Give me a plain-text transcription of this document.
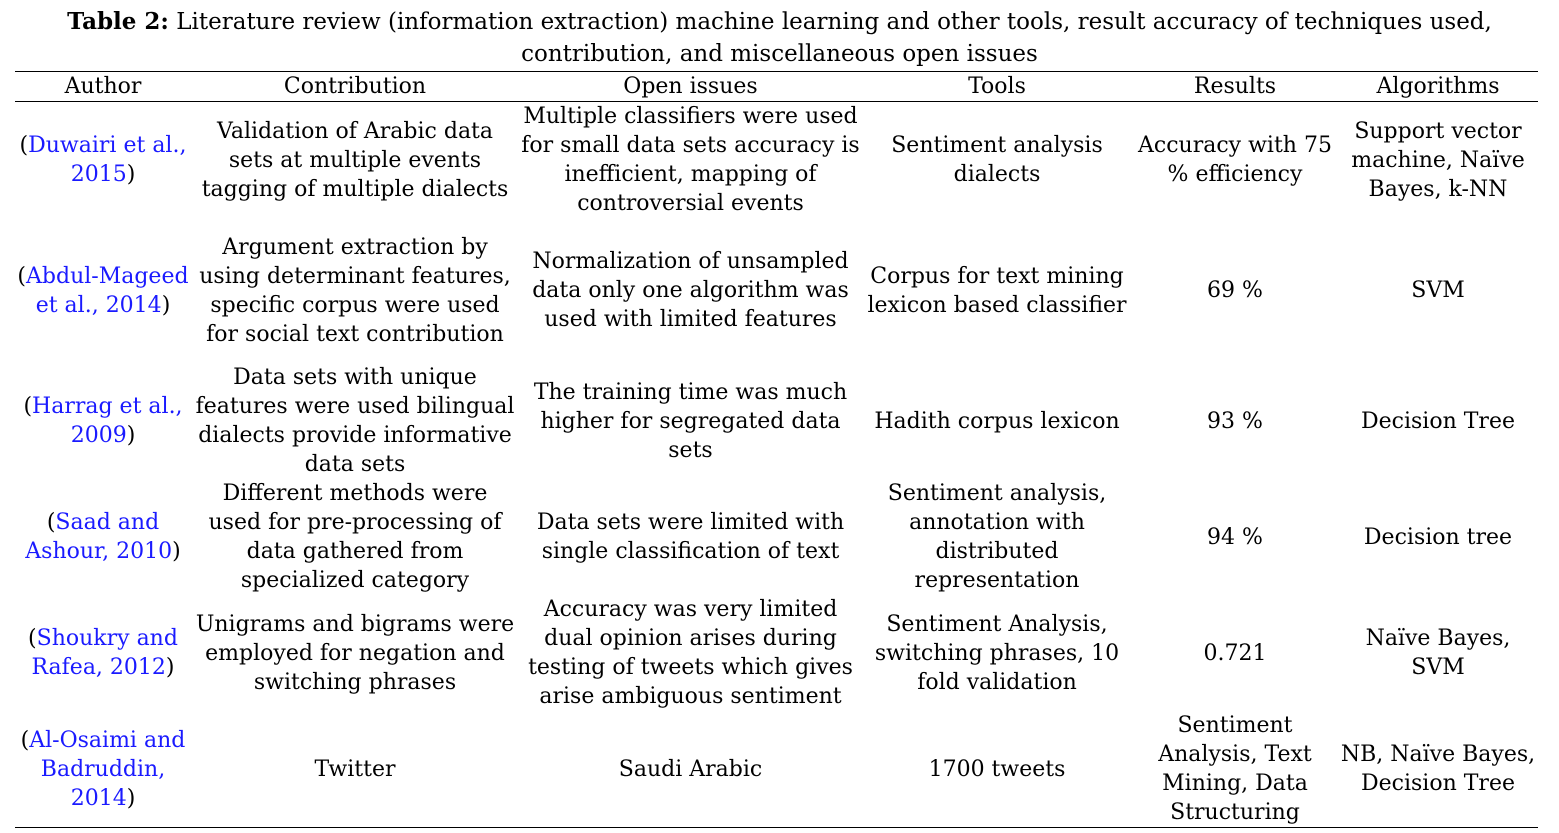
Table 2: Literature review (information extraction) machine learning and other tools, result accuracy of techniques used, contribution, and miscellaneous open issues
Author	Contribution	Open issues	Tools	Results	Algorithms
(Duwairi et al., 2015)	Validation of Arabic data sets at multiple events tagging of multiple dialects	Multiple classifiers were used for small data sets accuracy is inefficient, mapping of controversial events	Sentiment analysis dialects	Accuracy with 75 % efficiency	Support vector machine, Naïve Bayes, k-NN
(Abdul-Mageed et al., 2014)	Argument extraction by using determinant features, specific corpus were used for social text contribution	Normalization of unsampled data only one algorithm was used with limited features	Corpus for text mining lexicon based classifier	69 %	SVM
(Harrag et al., 2009)	Data sets with unique features were used bilingual dialects provide informative data sets	The training time was much higher for segregated data sets	Hadith corpus lexicon	93 %	Decision Tree
(Saad and Ashour, 2010)	Different methods were used for pre-processing of data gathered from specialized category	Data sets were limited with single classification of text	Sentiment analysis, annotation with distributed representation	94 %	Decision tree
(Shoukry and Rafea, 2012)	Unigrams and bigrams were employed for negation and switching phrases	Accuracy was very limited dual opinion arises during testing of tweets which gives arise ambiguous sentiment	Sentiment Analysis, switching phrases, 10 fold validation	0.721	Naïve Bayes, SVM
(Al-Osaimi and Badruddin, 2014)	Twitter	Saudi Arabic	1700 tweets	Sentiment Analysis, Text Mining, Data Structuring	NB, Naïve Bayes, Decision Tree
